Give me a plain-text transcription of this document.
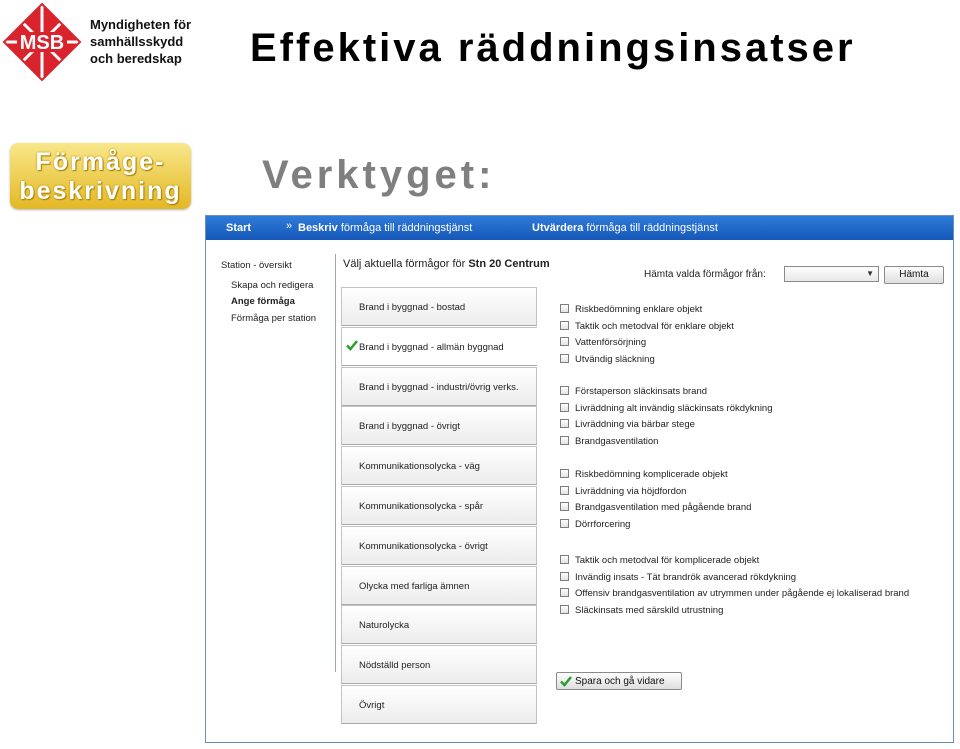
MSB
Myndigheten för
samhällsskydd
och beredskap Effektiva räddningsinsatser
Förmåge-
beskrivning Verktyget:
Start	» Beskriv förmåga till räddningstjänst	Utvärdera förmåga till räddningstjänst
Station - översikt
Skapa och redigera
Ange förmåga
Förmåga per station
Välj aktuella förmågor för Stn 20 Centrum
Hämta valda förmågor från:	▼	Hämta
Brand i byggnad - bostad
Brand i byggnad - allmän byggnad
Brand i byggnad - industri/övrig verks.
Brand i byggnad - övrigt
Kommunikationsolycka - väg
Kommunikationsolycka - spår
Kommunikationsolycka - övrigt
Olycka med farliga ämnen
Naturolycka
Nödställd person
Övrigt
Riskbedömning enklare objekt
Taktik och metodval för enklare objekt
Vattenförsörjning
Utvändig släckning
Förstaperson släckinsats brand
Livräddning alt invändig släckinsats rökdykning
Livräddning via bärbar stege
Brandgasventilation
Riskbedömning komplicerade objekt
Livräddning via höjdfordon
Brandgasventilation med pågående brand
Dörrforcering
Taktik och metodval för komplicerade objekt
Invändig insats - Tät brandrök avancerad rökdykning
Offensiv brandgasventilation av utrymmen under pågående ej lokaliserad brand
Släckinsats med särskild utrustning
Spara och gå vidare
